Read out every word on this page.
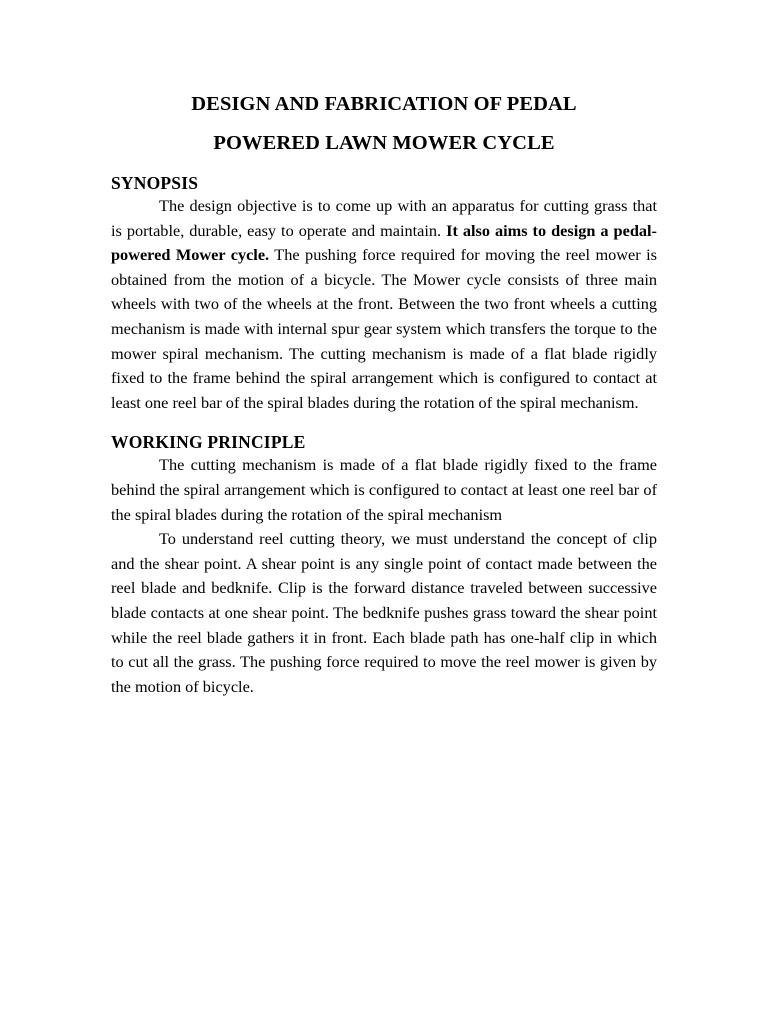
DESIGN AND FABRICATION OF PEDAL
POWERED LAWN MOWER CYCLE
SYNOPSIS

The design objective is to come up with an apparatus for cutting grass that is portable, durable, easy to operate and maintain. It also aims to design a pedal- powered Mower cycle. The pushing force required for moving the reel mower is obtained from the motion of a bicycle. The Mower cycle consists of three main wheels with two of the wheels at the front. Between the two front wheels a cutting mechanism is made with internal spur gear system which transfers the torque to the mower spiral mechanism. The cutting mechanism is made of a flat blade rigidly fixed to the frame behind the spiral arrangement which is configured to contact at least one reel bar of the spiral blades during the rotation of the spiral mechanism.

WORKING PRINCIPLE

The cutting mechanism is made of a flat blade rigidly fixed to the frame behind the spiral arrangement which is configured to contact at least one reel bar of the spiral blades during the rotation of the spiral mechanism

To understand reel cutting theory, we must understand the concept of clip and the shear point. A shear point is any single point of contact made between the reel blade and bedknife. Clip is the forward distance traveled between successive blade contacts at one shear point. The bedknife pushes grass toward the shear point while the reel blade gathers it in front. Each blade path has one-half clip in which to cut all the grass. The pushing force required to move the reel mower is given by the motion of bicycle.
